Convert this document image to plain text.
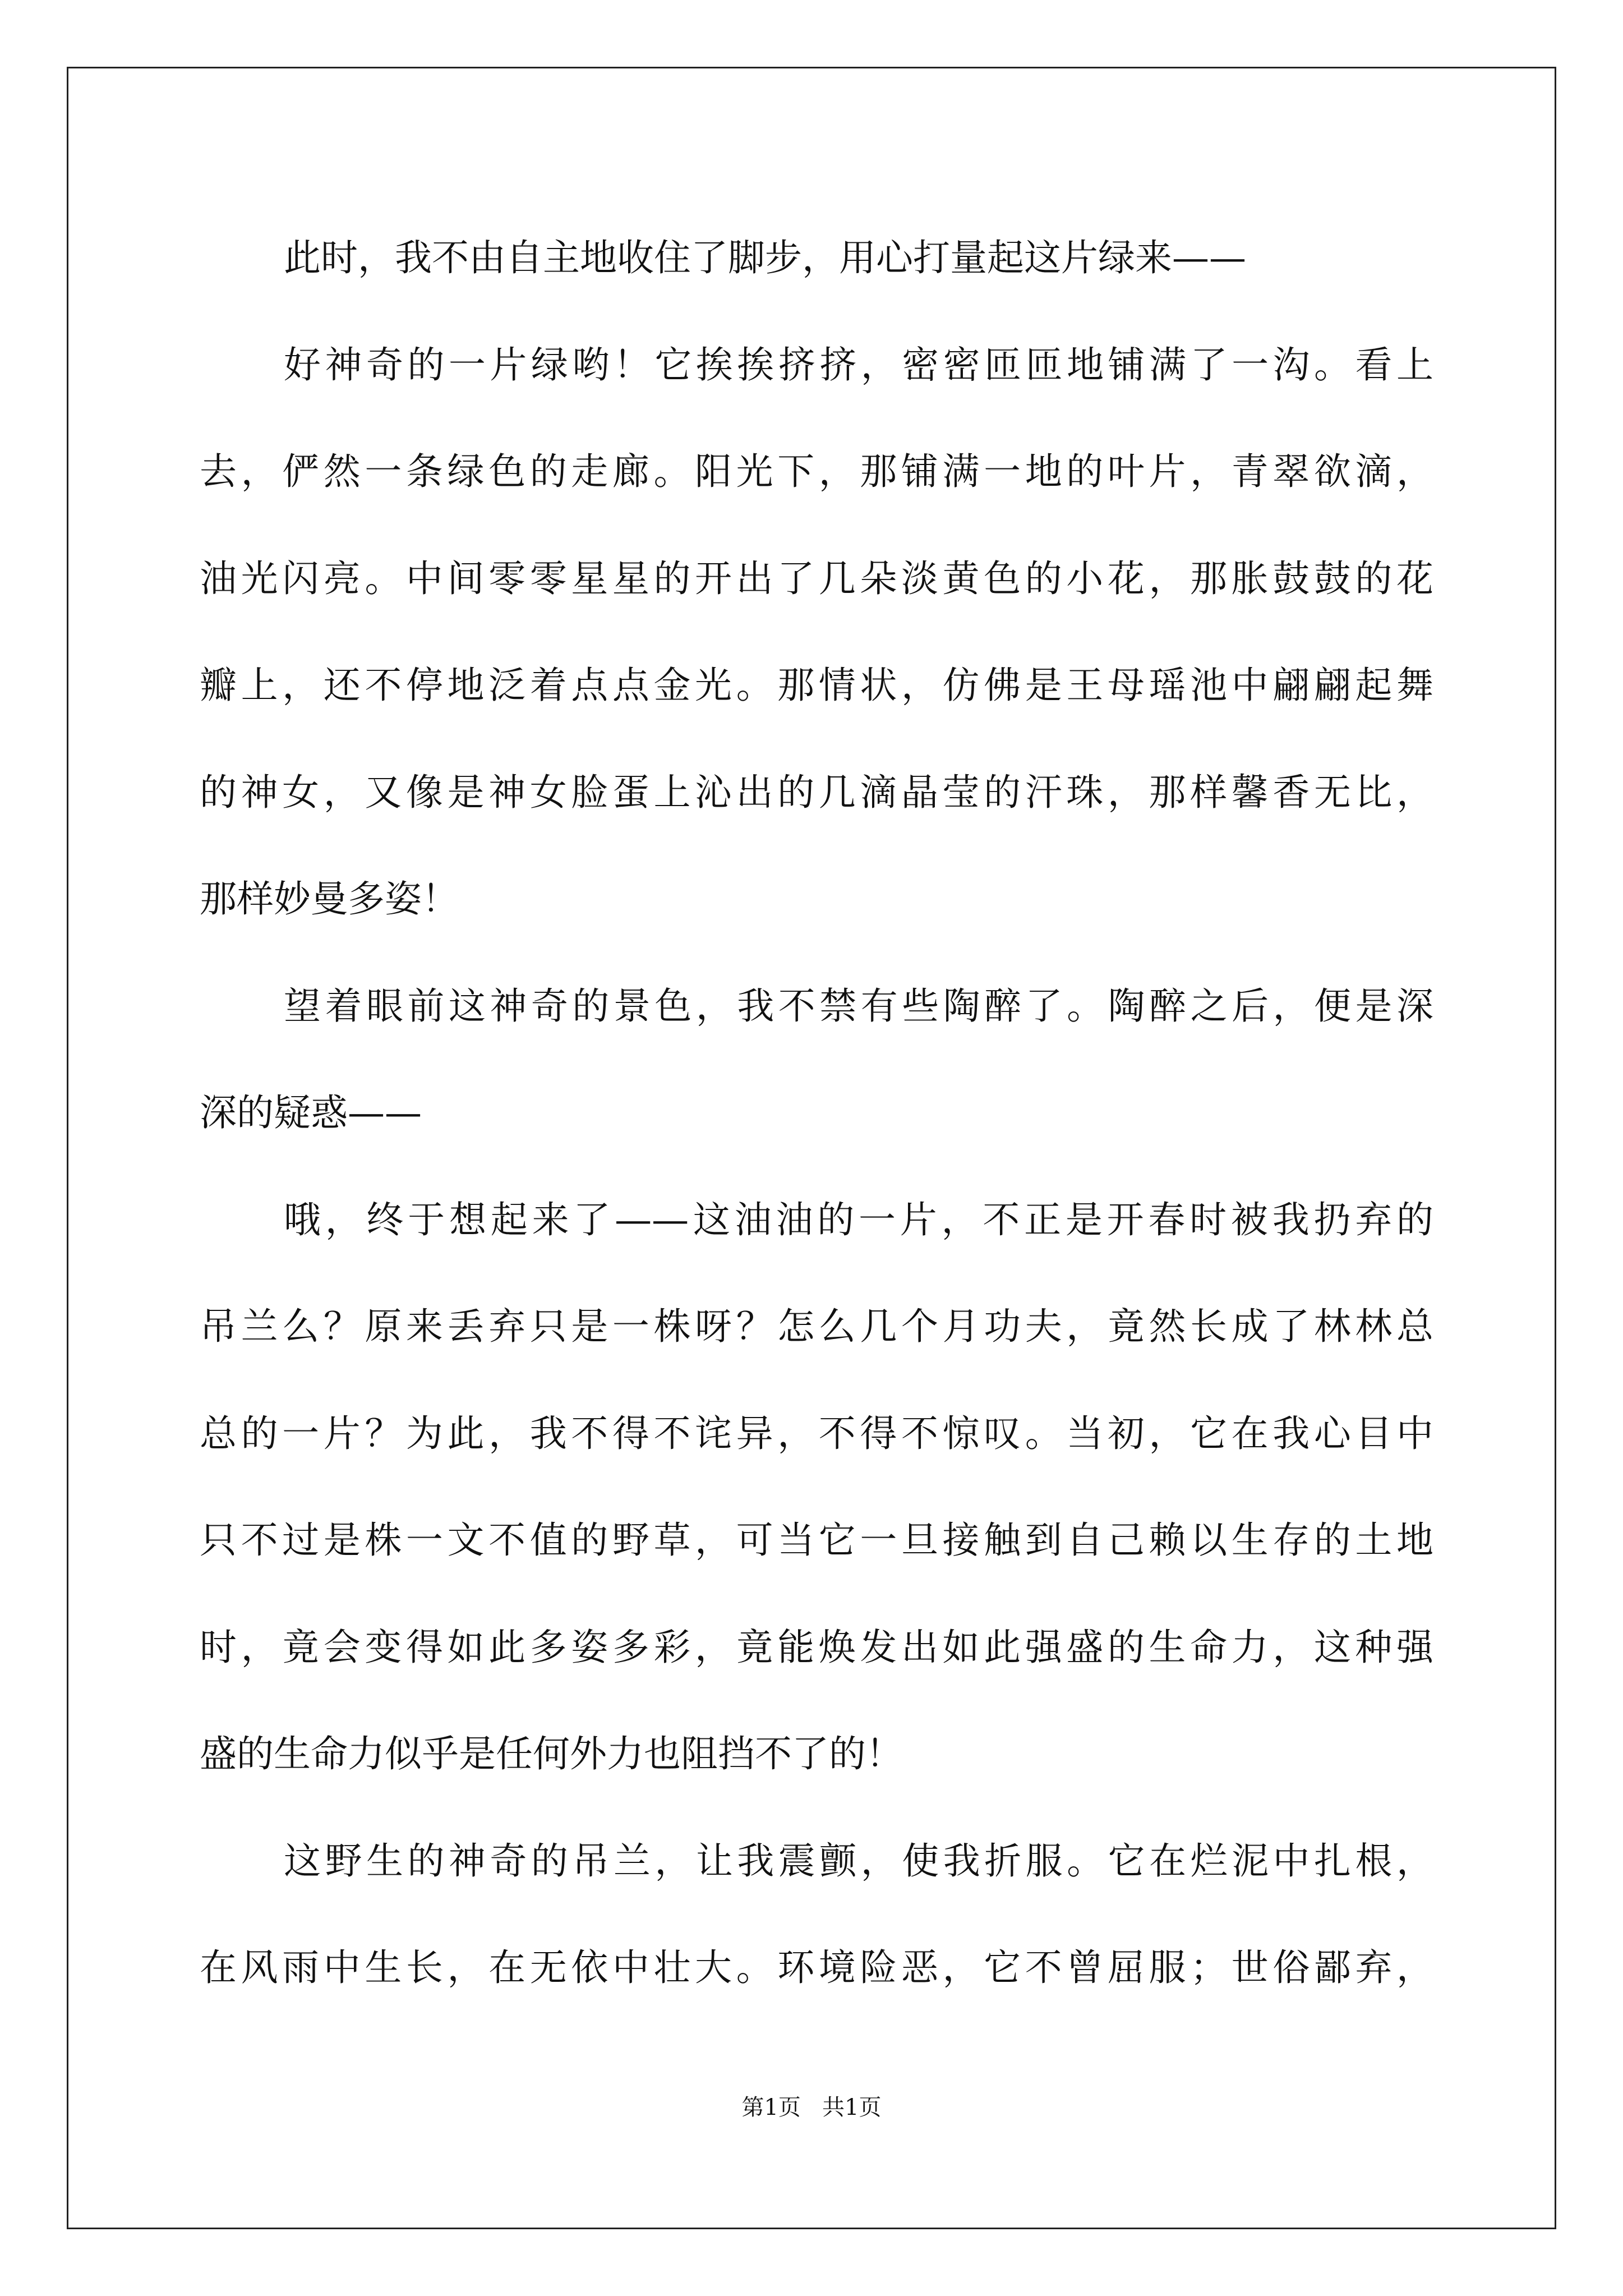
此时，我不由自主地收住了脚步，用心打量起这片绿来——
好神奇的一片绿哟！它挨挨挤挤，密密匝匝地铺满了一沟。看上
去，俨然一条绿色的走廊。阳光下，那铺满一地的叶片，青翠欲滴，
油光闪亮。中间零零星星的开出了几朵淡黄色的小花，那胀鼓鼓的花
瓣上，还不停地泛着点点金光。那情状，仿佛是王母瑶池中翩翩起舞
的神女，又像是神女脸蛋上沁出的几滴晶莹的汗珠，那样馨香无比，
那样妙曼多姿！
望着眼前这神奇的景色，我不禁有些陶醉了。陶醉之后，便是深
深的疑惑——
哦，终于想起来了——这油油的一片，不正是开春时被我扔弃的
吊兰么？原来丢弃只是一株呀？怎么几个月功夫，竟然长成了林林总
总的一片？为此，我不得不诧异，不得不惊叹。当初，它在我心目中
只不过是株一文不值的野草，可当它一旦接触到自己赖以生存的土地
时，竟会变得如此多姿多彩，竟能焕发出如此强盛的生命力，这种强
盛的生命力似乎是任何外力也阻挡不了的！
这野生的神奇的吊兰，让我震颤，使我折服。它在烂泥中扎根，
在风雨中生长，在无依中壮大。环境险恶，它不曾屈服；世俗鄙弃，
第1页   共1页
